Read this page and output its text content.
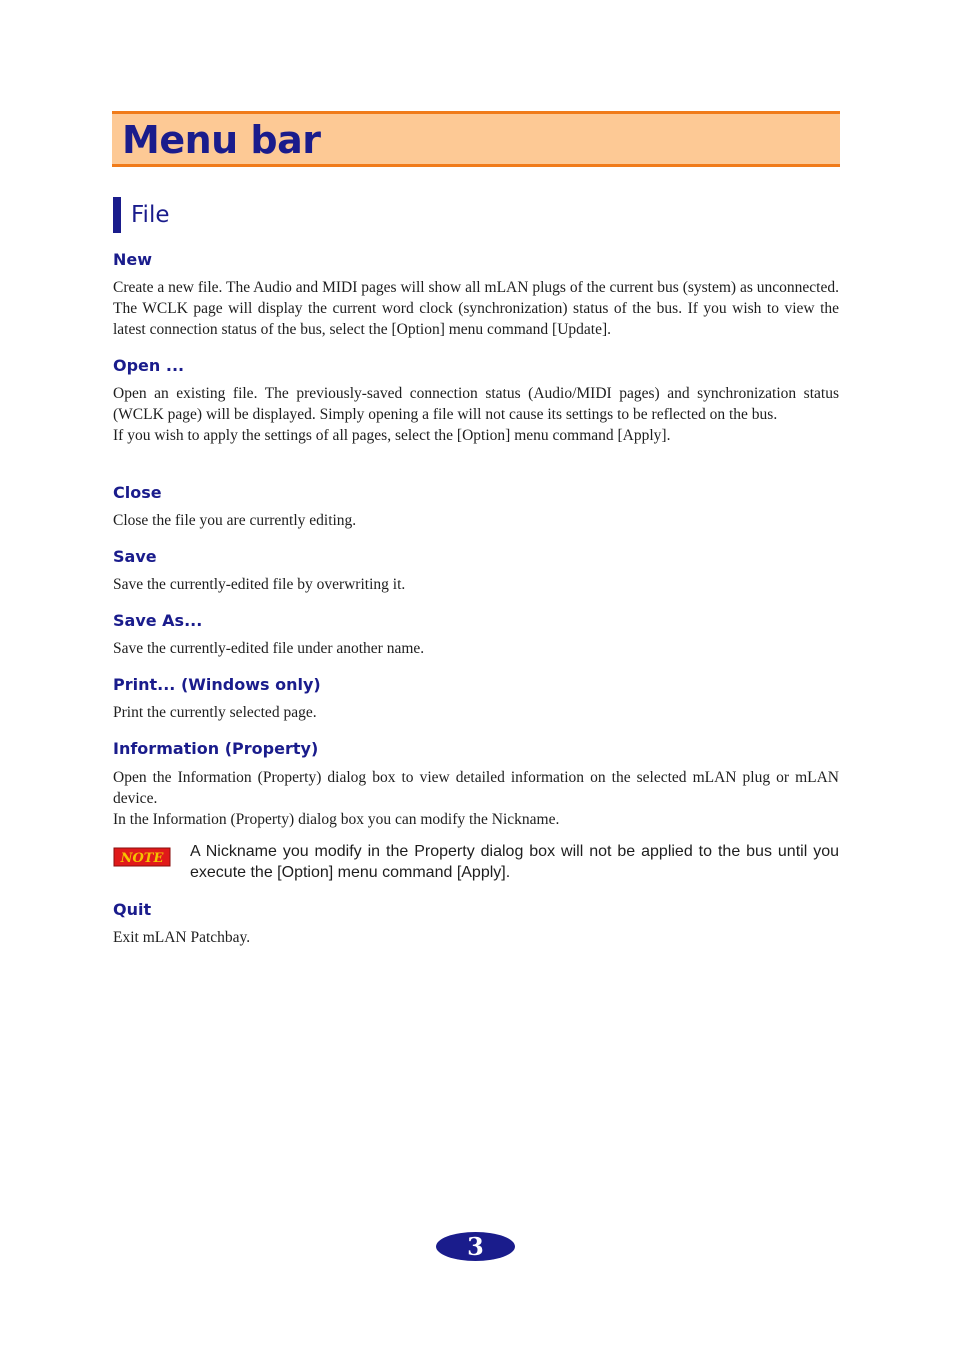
Menu bar
File
New

Create a new file. The Audio and MIDI pages will show all mLAN plugs of the current bus (system) as unconnected. The WCLK page will display the current word clock (synchronization) status of the bus. If you wish to view the latest connection status of the bus, select the [Option] menu command [Update].

Open ...

Open an existing file. The previously-saved connection status (Audio/MIDI pages) and synchronization status (WCLK page) will be displayed. Simply opening a file will not cause its settings to be reflected on the bus.

If you wish to apply the settings of all pages, select the [Option] menu command [Apply].

Close

Close the file you are currently editing.

Save

Save the currently-edited file by overwriting it.

Save As...

Save the currently-edited file under another name.

Print... (Windows only)

Print the currently selected page.

Information (Property)

Open the Information (Property) dialog box to view detailed information on the selected mLAN plug or mLAN device.

In the Information (Property) dialog box you can modify the Nickname.

NOTE A Nickname you modify in the Property dialog box will not be applied to the bus until you execute the [Option] menu command [Apply].
Quit

Exit mLAN Patchbay.

3
